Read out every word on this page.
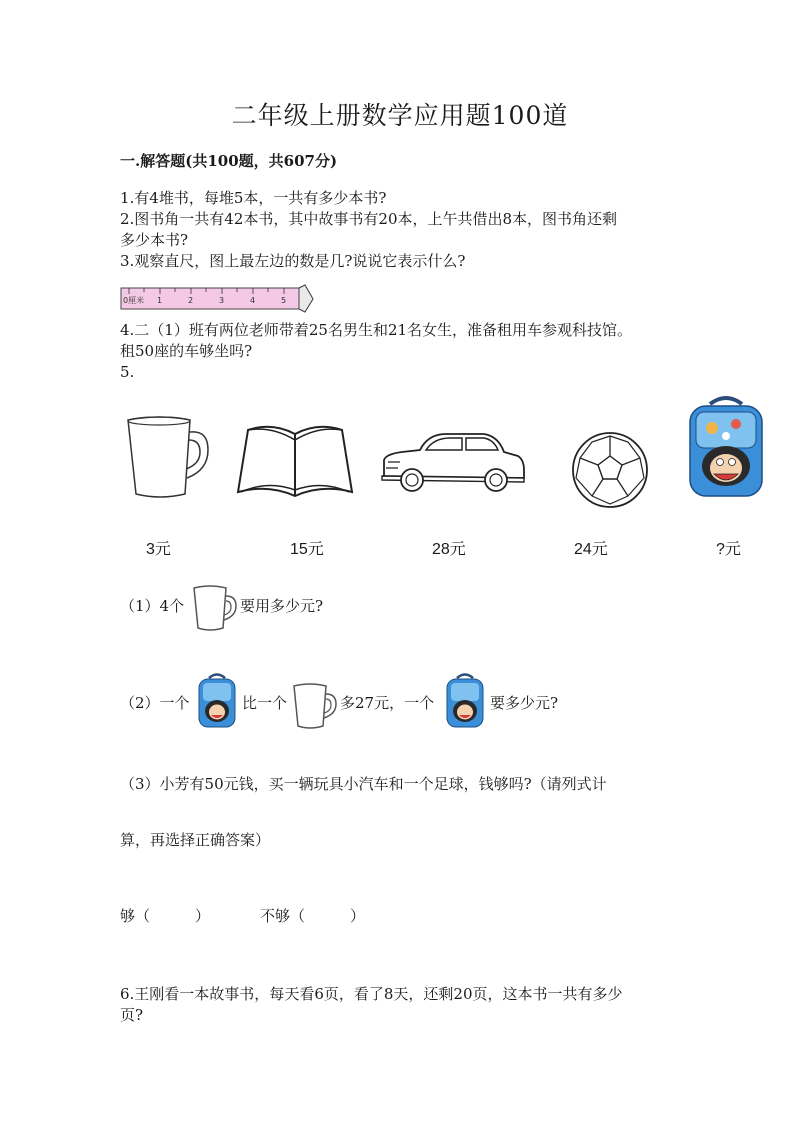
二年级上册数学应用题100道
一.解答题(共100题，共607分)
1.有4堆书，每堆5本，一共有多少本书?
2.图书角一共有42本书，其中故事书有20本，上午共借出8本，图书角还剩
多少本书?
3.观察直尺，图上最左边的数是几?说说它表示什么?
0厘米 1	2	3	4	5
4.二（1）班有两位老师带着25名男生和21名女生，准备租用车参观科技馆。
租50座的车够坐吗?
5.
3元	15元	28元	24元	?元
（1）4个	要用多少元?
（2）一个	比一个	多27元，一个	要多少元?
（3）小芳有50元钱，买一辆玩具小汽车和一个足球，钱够吗?（请列式计
算，再选择正确答案）
够（　　　）	不够（　　　）
6.王刚看一本故事书，每天看6页，看了8天，还剩20页，这本书一共有多少
页?
